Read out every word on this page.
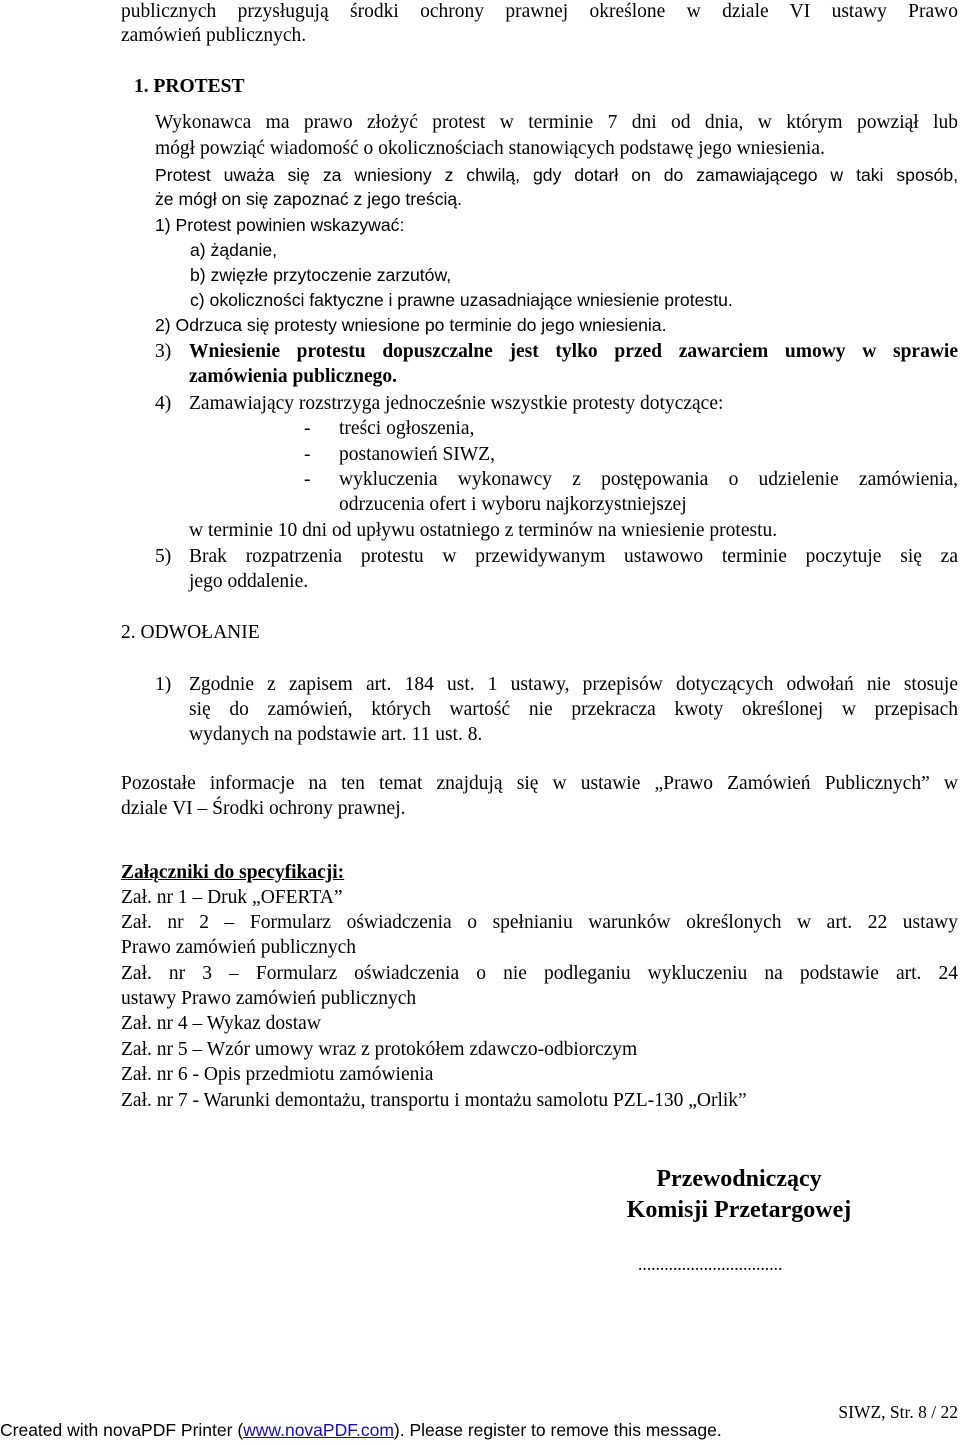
publicznych przysługują środki ochrony prawnej określone w dziale VI ustawy Prawo
zamówień publicznych.
1. PROTEST
Wykonawca ma prawo złożyć protest w terminie 7 dni od dnia, w którym powziął lub
mógł powziąć wiadomość o okolicznościach stanowiących podstawę jego wniesienia.
Protest uważa się za wniesiony z chwilą, gdy dotarł on do zamawiającego w taki sposób,
że mógł on się zapoznać z jego treścią.
1) Protest powinien wskazywać:
a) żądanie,
b) zwięzłe przytoczenie zarzutów,
c) okoliczności faktyczne i prawne uzasadniające wniesienie protestu.
2) Odrzuca się protesty wniesione po terminie do jego wniesienia.
3) Wniesienie protestu dopuszczalne jest tylko przed zawarciem umowy w sprawie
zamówienia publicznego.
4) Zamawiający rozstrzyga jednocześnie wszystkie protesty dotyczące:
- treści ogłoszenia,
- postanowień SIWZ,
- wykluczenia wykonawcy z postępowania o udzielenie zamówienia,
odrzucenia ofert i wyboru najkorzystniejszej
w terminie 10 dni od upływu ostatniego z terminów na wniesienie protestu.
5) Brak rozpatrzenia protestu w przewidywanym ustawowo terminie poczytuje się za
jego oddalenie.
2. ODWOŁANIE
1) Zgodnie z zapisem art. 184 ust. 1 ustawy, przepisów dotyczących odwołań nie stosuje
się do zamówień, których wartość nie przekracza kwoty określonej w przepisach
wydanych na podstawie art. 11 ust. 8.
Pozostałe informacje na ten temat znajdują się w ustawie „Prawo Zamówień Publicznych” w
dziale VI – Środki ochrony prawnej.
Załączniki do specyfikacji:
Zał. nr 1 – Druk „OFERTA”
Zał. nr 2 – Formularz oświadczenia o spełnianiu warunków określonych w art. 22 ustawy
Prawo zamówień publicznych
Zał. nr 3 – Formularz oświadczenia o nie podleganiu wykluczeniu na podstawie art. 24
ustawy Prawo zamówień publicznych
Zał. nr 4 – Wykaz dostaw
Zał. nr 5 – Wzór umowy wraz z protokółem zdawczo-odbiorczym
Zał. nr 6 - Opis przedmiotu zamówienia
Zał. nr 7 - Warunki demontażu, transportu i montażu samolotu PZL-130 „Orlik”
Przewodniczący
Komisji Przetargowej
.................................
SIWZ, Str. 8 / 22
Created with novaPDF Printer (www.novaPDF.com). Please register to remove this message.
